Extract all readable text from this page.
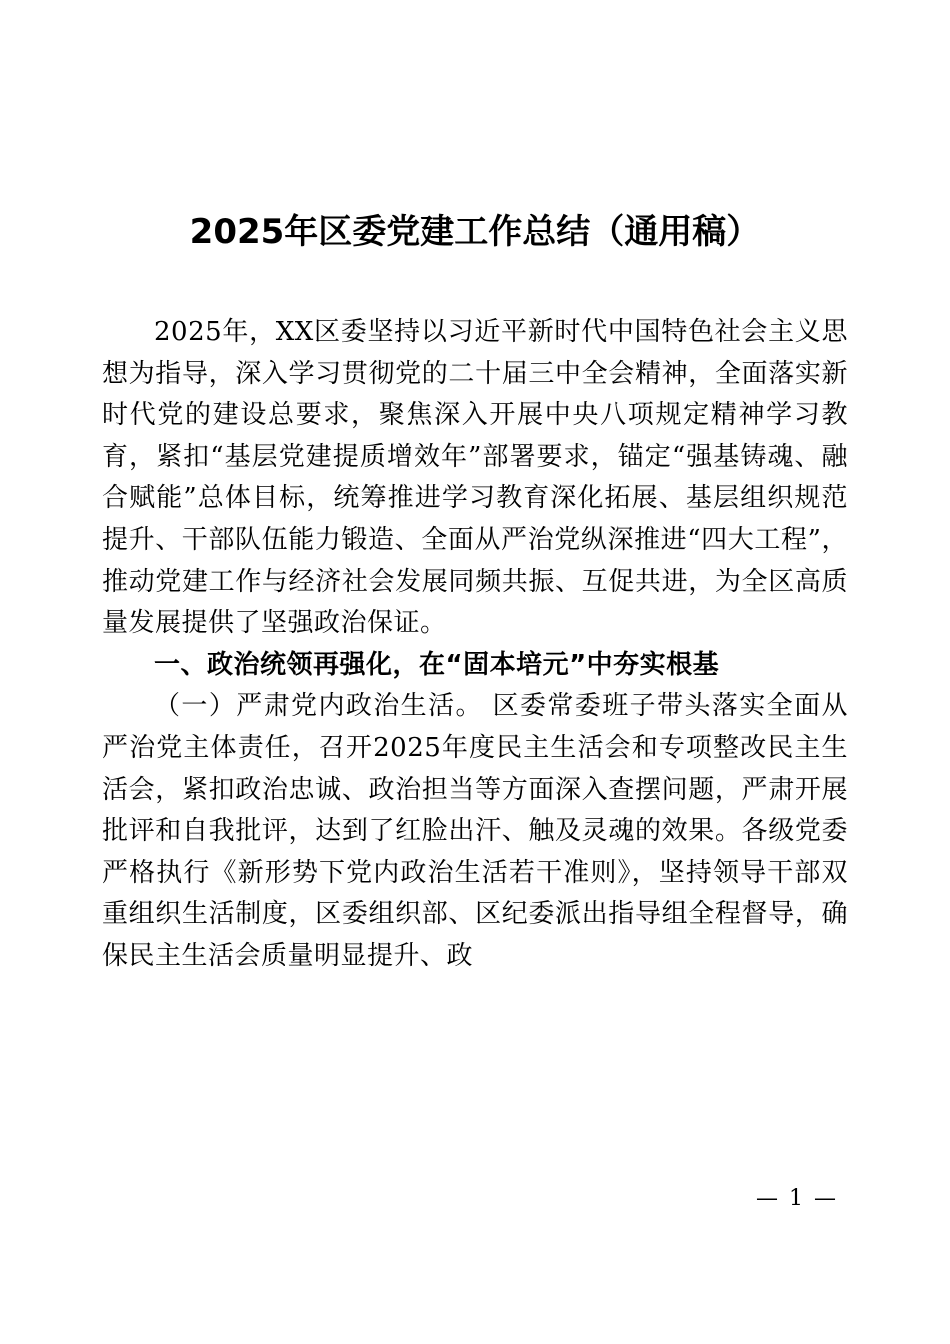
2025年区委党建工作总结（通用稿）

2025年，XX区委坚持以习近平新时代中国特色社会主义思想为指导，深入学习贯彻党的二十届三中全会精神，全面落实新时代党的建设总要求，聚焦深入开展中央八项规定精神学习教育，紧扣“基层党建提质增效年”部署要求，锚定“强基铸魂、融合赋能”总体目标，统筹推进学习教育深化拓展、基层组织规范提升、干部队伍能力锻造、全面从严治党纵深推进“四大工程”，推动党建工作与经济社会发展同频共振、互促共进，为全区高质量发展提供了坚强政治保证。

一、政治统领再强化，在“固本培元”中夯实根基

（一）严肃党内政治生活。 区委常委班子带头落实全面从严治党主体责任，召开2025年度民主生活会和专项整改民主生活会，紧扣政治忠诚、政治担当等方面深入查摆问题，严肃开展批评和自我批评，达到了红脸出汗、触及灵魂的效果。各级党委严格执行《新形势下党内政治生活若干准则》，坚持领导干部双重组织生活制度，区委组织部、区纪委派出指导组全程督导，确保民主生活会质量明显提升、政

— 1 —
